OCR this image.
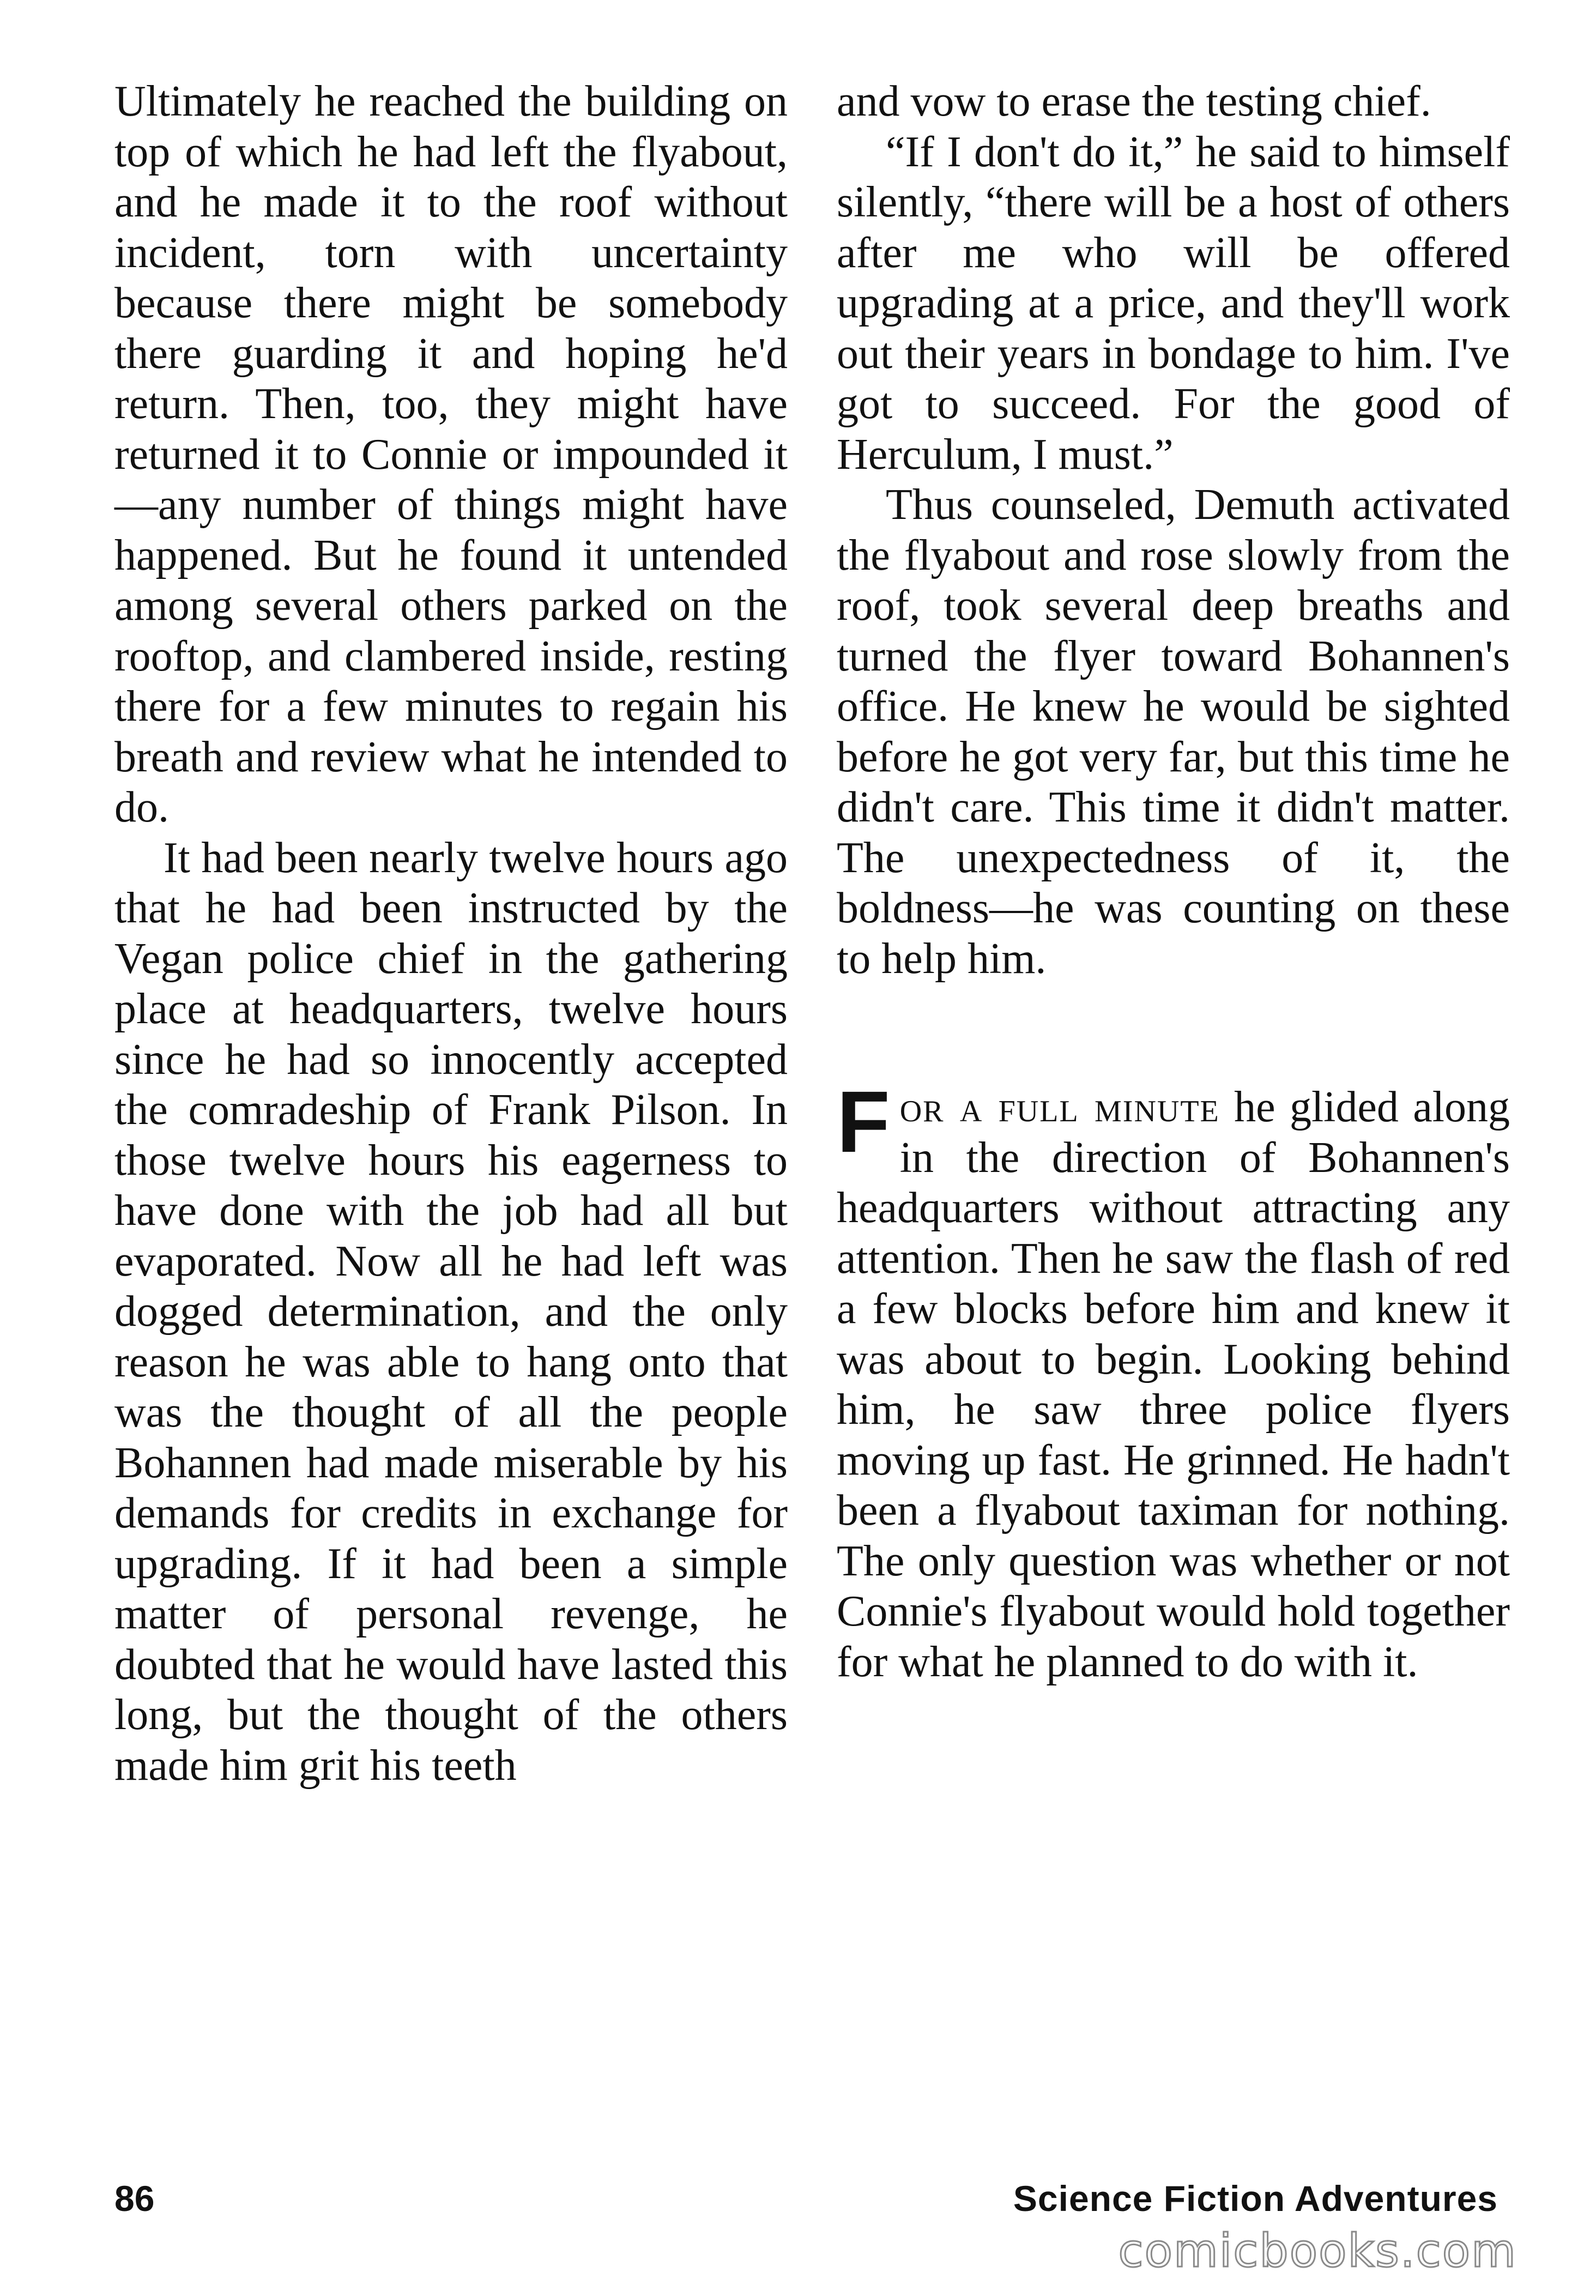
Ultimately he reached the building on top of which he had left the flyabout, and he made it to the roof without incident, torn with uncertainty because there might be somebody there guarding it and hoping he'd return. Then, too, they might have returned it to Connie or impounded it —any number of things might have happened. But he found it untended among several others parked on the rooftop, and clambered inside, resting there for a few minutes to regain his breath and review what he intended to do.

It had been nearly twelve hours ago that he had been instructed by the Vegan police chief in the gathering place at headquarters, twelve hours since he had so innocently accepted the comradeship of Frank Pilson. In those twelve hours his eagerness to have done with the job had all but evaporated. Now all he had left was dogged determination, and the only reason he was able to hang onto that was the thought of all the people Bohannen had made miserable by his demands for credits in exchange for upgrading. If it had been a simple matter of personal revenge, he doubted that he would have lasted this long, but the thought of the others made him grit his teeth

and vow to erase the testing chief.

“If I don't do it,” he said to himself silently, “there will be a host of others after me who will be offered upgrading at a price, and they'll work out their years in bondage to him. I've got to succeed. For the good of Herculum, I must.”

Thus counseled, Demuth activated the flyabout and rose slowly from the roof, took several deep breaths and turned the flyer toward Bohannen's office. He knew he would be sighted before he got very far, but this time he didn't care. This time it didn't matter. The unexpectedness of it, the boldness—he was counting on these to help him.

For a full minute he glided along in the direction of Bohannen's headquarters without attracting any attention. Then he saw the flash of red a few blocks before him and knew it was about to begin. Looking behind him, he saw three police flyers moving up fast. He grinned. He hadn't been a flyabout taximan for nothing. The only question was whether or not Connie's flyabout would hold together for what he planned to do with it.

86	Science Fiction Adventures
comicbooks.com
